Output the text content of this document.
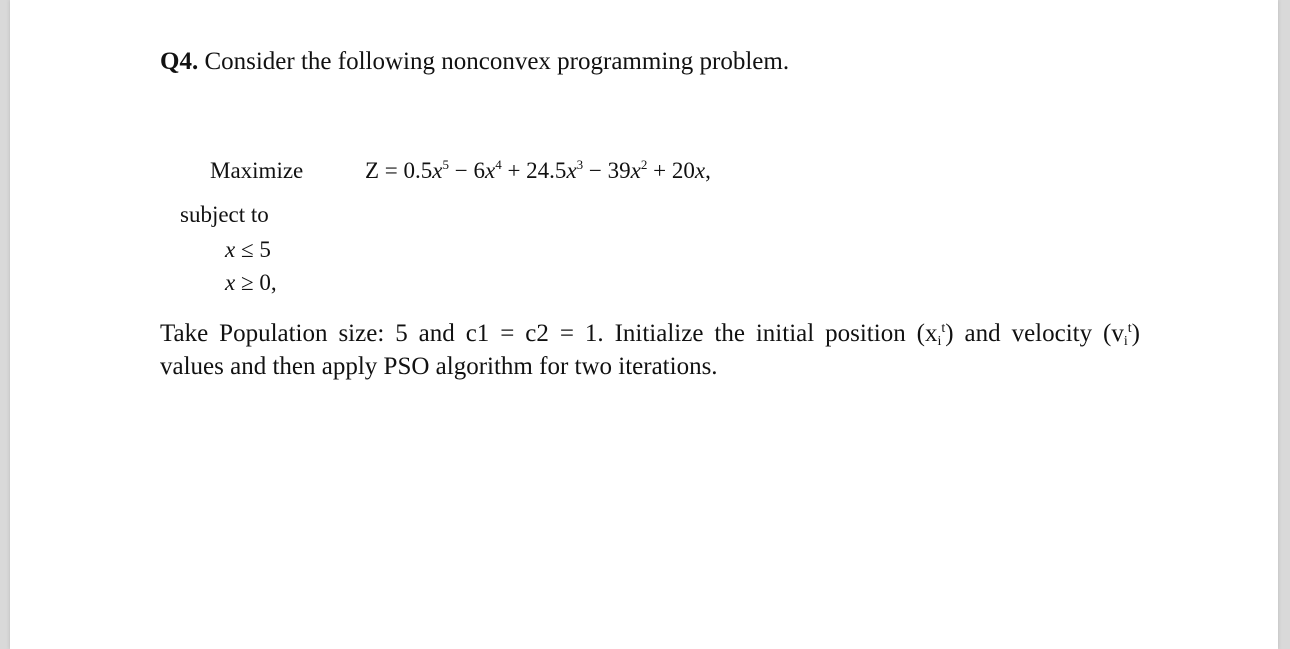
Q4. Consider the following nonconvex programming problem.
Maximize	$Z = 0.5x^5 - 6x^4 + 24.5x^3 - 39x^2 + 20x$,
subject to
x ≤ 5
x ≥ 0,
Take Population size: 5 and c1 = c2 = 1. Initialize the initial position $(x_i^t)$ and velocity $(v_i^t)$
values and then apply PSO algorithm for two iterations.
